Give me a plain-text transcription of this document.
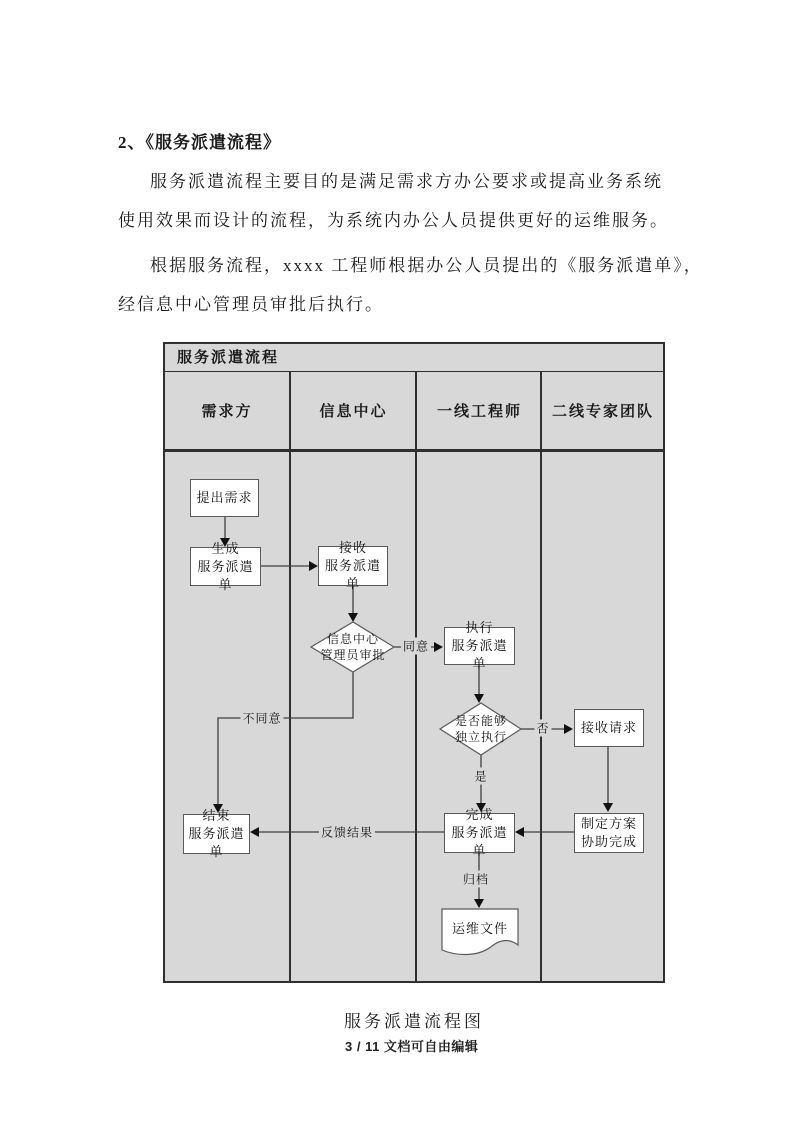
2、《服务派遣流程》
服务派遣流程主要目的是满足需求方办公要求或提高业务系统
使用效果而设计的流程，为系统内办公人员提供更好的运维服务。
根据服务流程，xxxx 工程师根据办公人员提出的《服务派遣单》，
经信息中心管理员审批后执行。
服务派遣流程
需求方	信息中心	一线工程师	二线专家团队
提出需求
生成
服务派遣单
接收
服务派遣单
执行
服务派遣单
接收请求
制定方案
协助完成
完成
服务派遣单
结束
服务派遣单
信息中心
管理员审批
是否能够
独立执行
运维文件
同意
不同意
否
是
反馈结果
归档
服务派遣流程图
3 / 11 文档可自由编辑
